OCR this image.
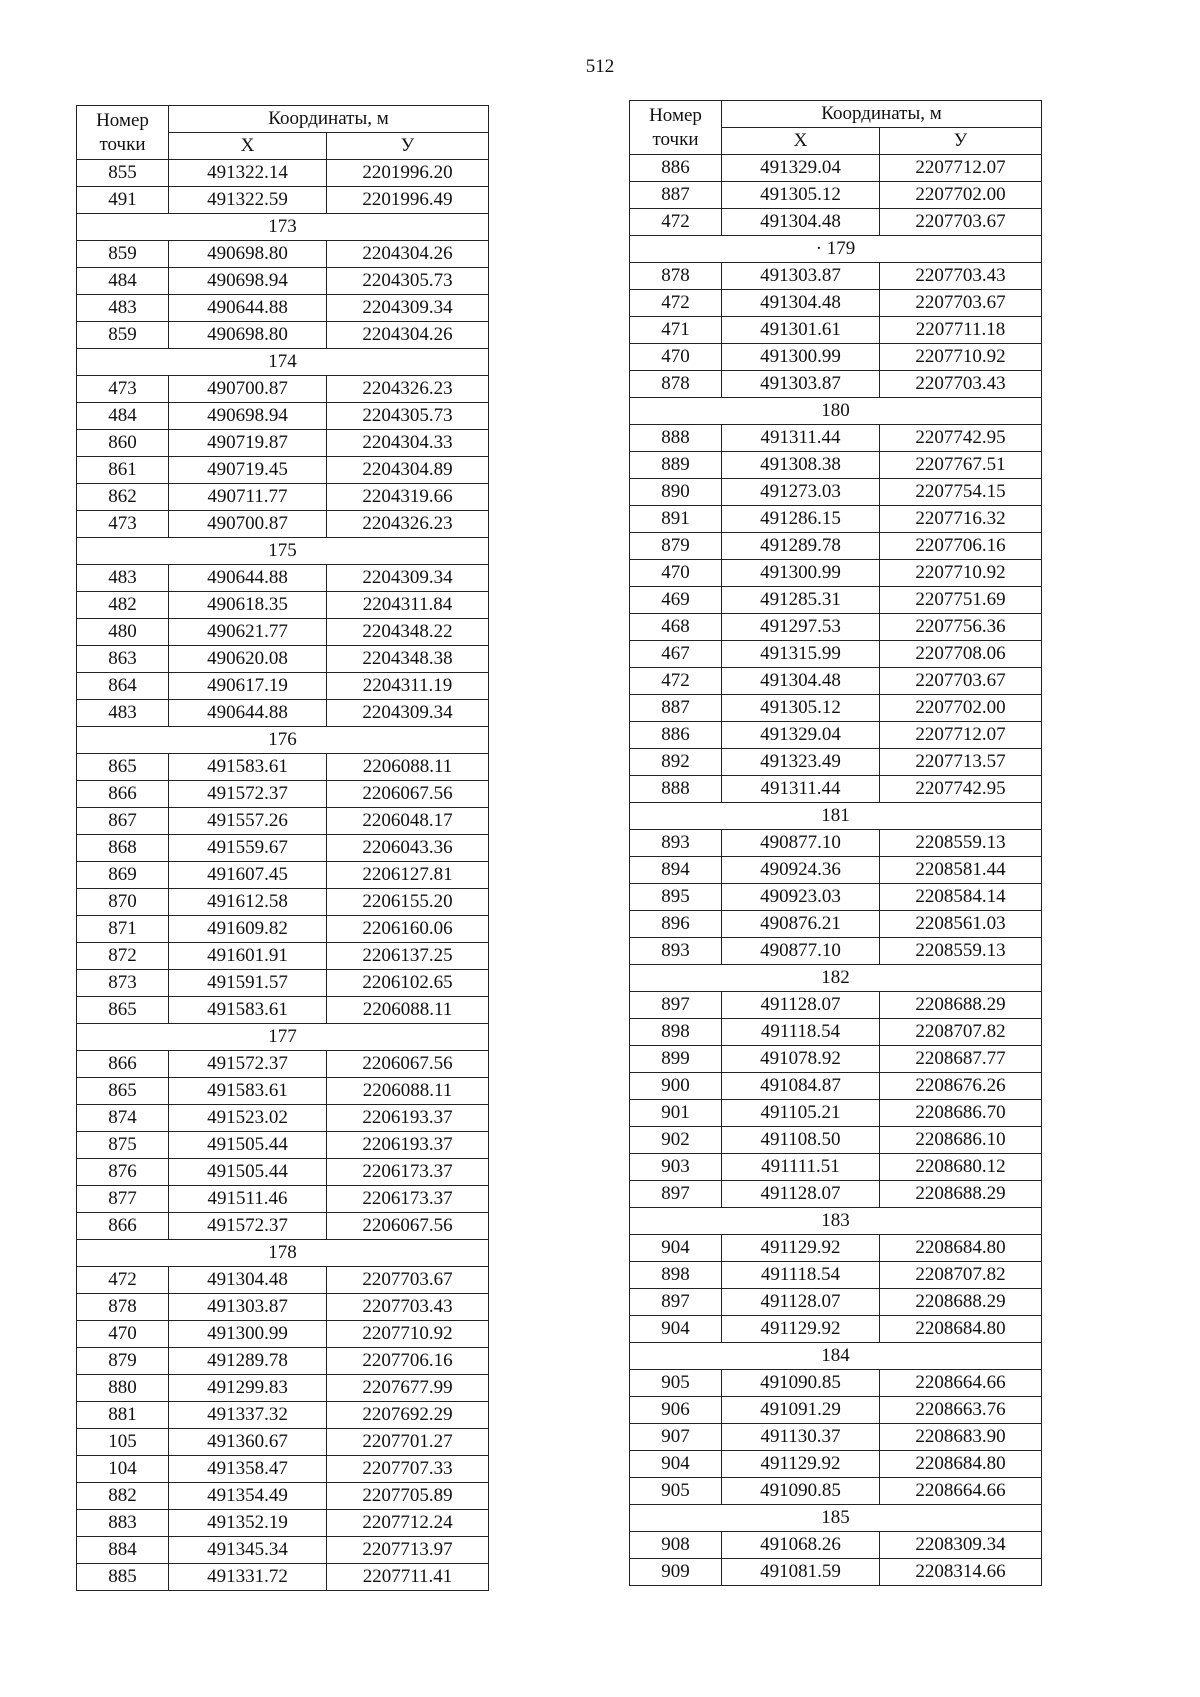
512
Номер
точки	Координаты, м	
	X	У
855	491322.14	2201996.20
491	491322.59	2201996.49
173		
859	490698.80	2204304.26
484	490698.94	2204305.73
483	490644.88	2204309.34
859	490698.80	2204304.26
174		
473	490700.87	2204326.23
484	490698.94	2204305.73
860	490719.87	2204304.33
861	490719.45	2204304.89
862	490711.77	2204319.66
473	490700.87	2204326.23
175		
483	490644.88	2204309.34
482	490618.35	2204311.84
480	490621.77	2204348.22
863	490620.08	2204348.38
864	490617.19	2204311.19
483	490644.88	2204309.34
176		
865	491583.61	2206088.11
866	491572.37	2206067.56
867	491557.26	2206048.17
868	491559.67	2206043.36
869	491607.45	2206127.81
870	491612.58	2206155.20
871	491609.82	2206160.06
872	491601.91	2206137.25
873	491591.57	2206102.65
865	491583.61	2206088.11
177		
866	491572.37	2206067.56
865	491583.61	2206088.11
874	491523.02	2206193.37
875	491505.44	2206193.37
876	491505.44	2206173.37
877	491511.46	2206173.37
866	491572.37	2206067.56
178		
472	491304.48	2207703.67
878	491303.87	2207703.43
470	491300.99	2207710.92
879	491289.78	2207706.16
880	491299.83	2207677.99
881	491337.32	2207692.29
105	491360.67	2207701.27
104	491358.47	2207707.33
882	491354.49	2207705.89
883	491352.19	2207712.24
884	491345.34	2207713.97
885	491331.72	2207711.41
Номер
точки	Координаты, м	
	X	У
886	491329.04	2207712.07
887	491305.12	2207702.00
472	491304.48	2207703.67
· 179		
878	491303.87	2207703.43
472	491304.48	2207703.67
471	491301.61	2207711.18
470	491300.99	2207710.92
878	491303.87	2207703.43
180		
888	491311.44	2207742.95
889	491308.38	2207767.51
890	491273.03	2207754.15
891	491286.15	2207716.32
879	491289.78	2207706.16
470	491300.99	2207710.92
469	491285.31	2207751.69
468	491297.53	2207756.36
467	491315.99	2207708.06
472	491304.48	2207703.67
887	491305.12	2207702.00
886	491329.04	2207712.07
892	491323.49	2207713.57
888	491311.44	2207742.95
181		
893	490877.10	2208559.13
894	490924.36	2208581.44
895	490923.03	2208584.14
896	490876.21	2208561.03
893	490877.10	2208559.13
182		
897	491128.07	2208688.29
898	491118.54	2208707.82
899	491078.92	2208687.77
900	491084.87	2208676.26
901	491105.21	2208686.70
902	491108.50	2208686.10
903	491111.51	2208680.12
897	491128.07	2208688.29
183		
904	491129.92	2208684.80
898	491118.54	2208707.82
897	491128.07	2208688.29
904	491129.92	2208684.80
184		
905	491090.85	2208664.66
906	491091.29	2208663.76
907	491130.37	2208683.90
904	491129.92	2208684.80
905	491090.85	2208664.66
185		
908	491068.26	2208309.34
909	491081.59	2208314.66
